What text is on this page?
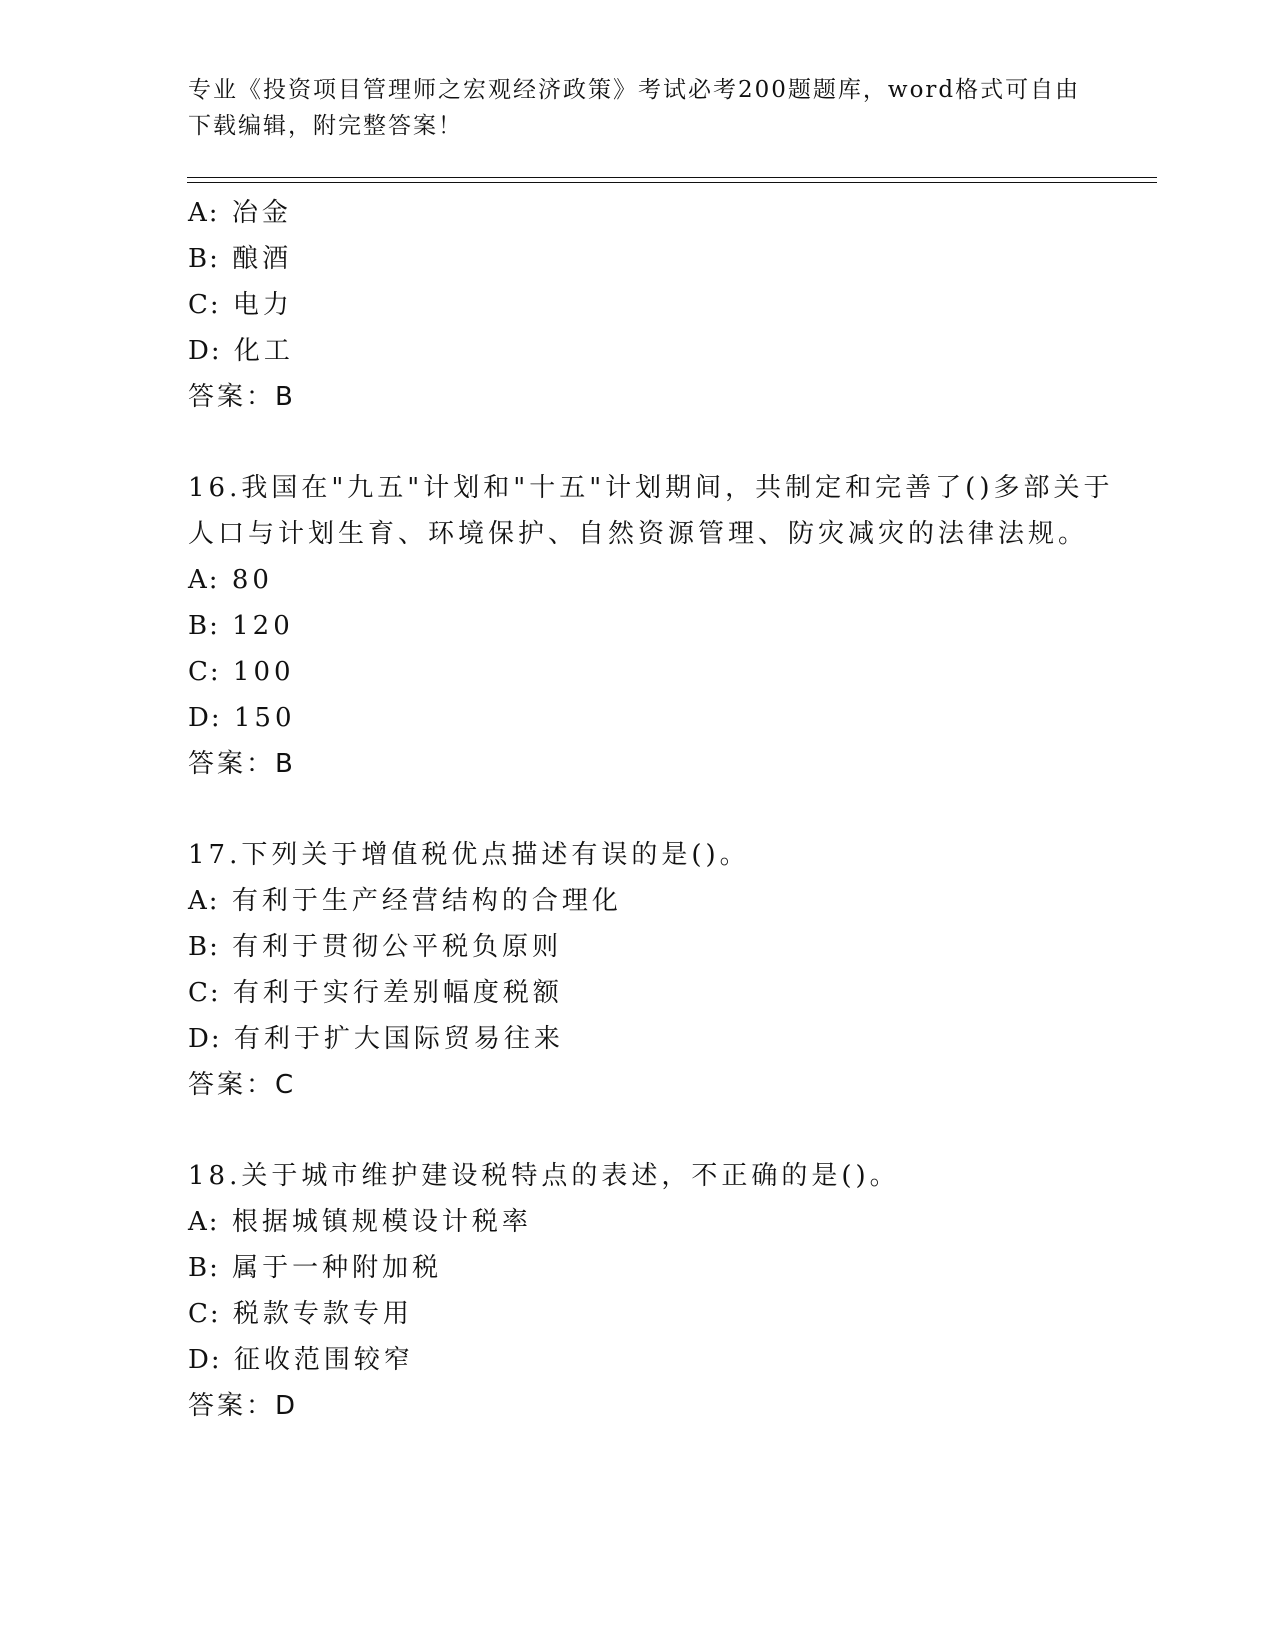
专业《投资项目管理师之宏观经济政策》考试必考200题题库，word格式可自由
下载编辑，附完整答案！
A:
冶金
B:
酿酒
C:
电力
D:
化工
答案：B
16.我国在"九五"计划和"十五"计划期间，共制定和完善了()多部关于
人口与计划生育、环境保护、自然资源管理、防灾减灾的法律法规。
A:
80
B:
120
C:
100
D:
150
答案：B
17.下列关于增值税优点描述有误的是()。
A:
有利于生产经营结构的合理化
B:
有利于贯彻公平税负原则
C:
有利于实行差别幅度税额
D:
有利于扩大国际贸易往来
答案：C
18.关于城市维护建设税特点的表述，不正确的是()。
A:
根据城镇规模设计税率
B:
属于一种附加税
C:
税款专款专用
D:
征收范围较窄
答案：D
